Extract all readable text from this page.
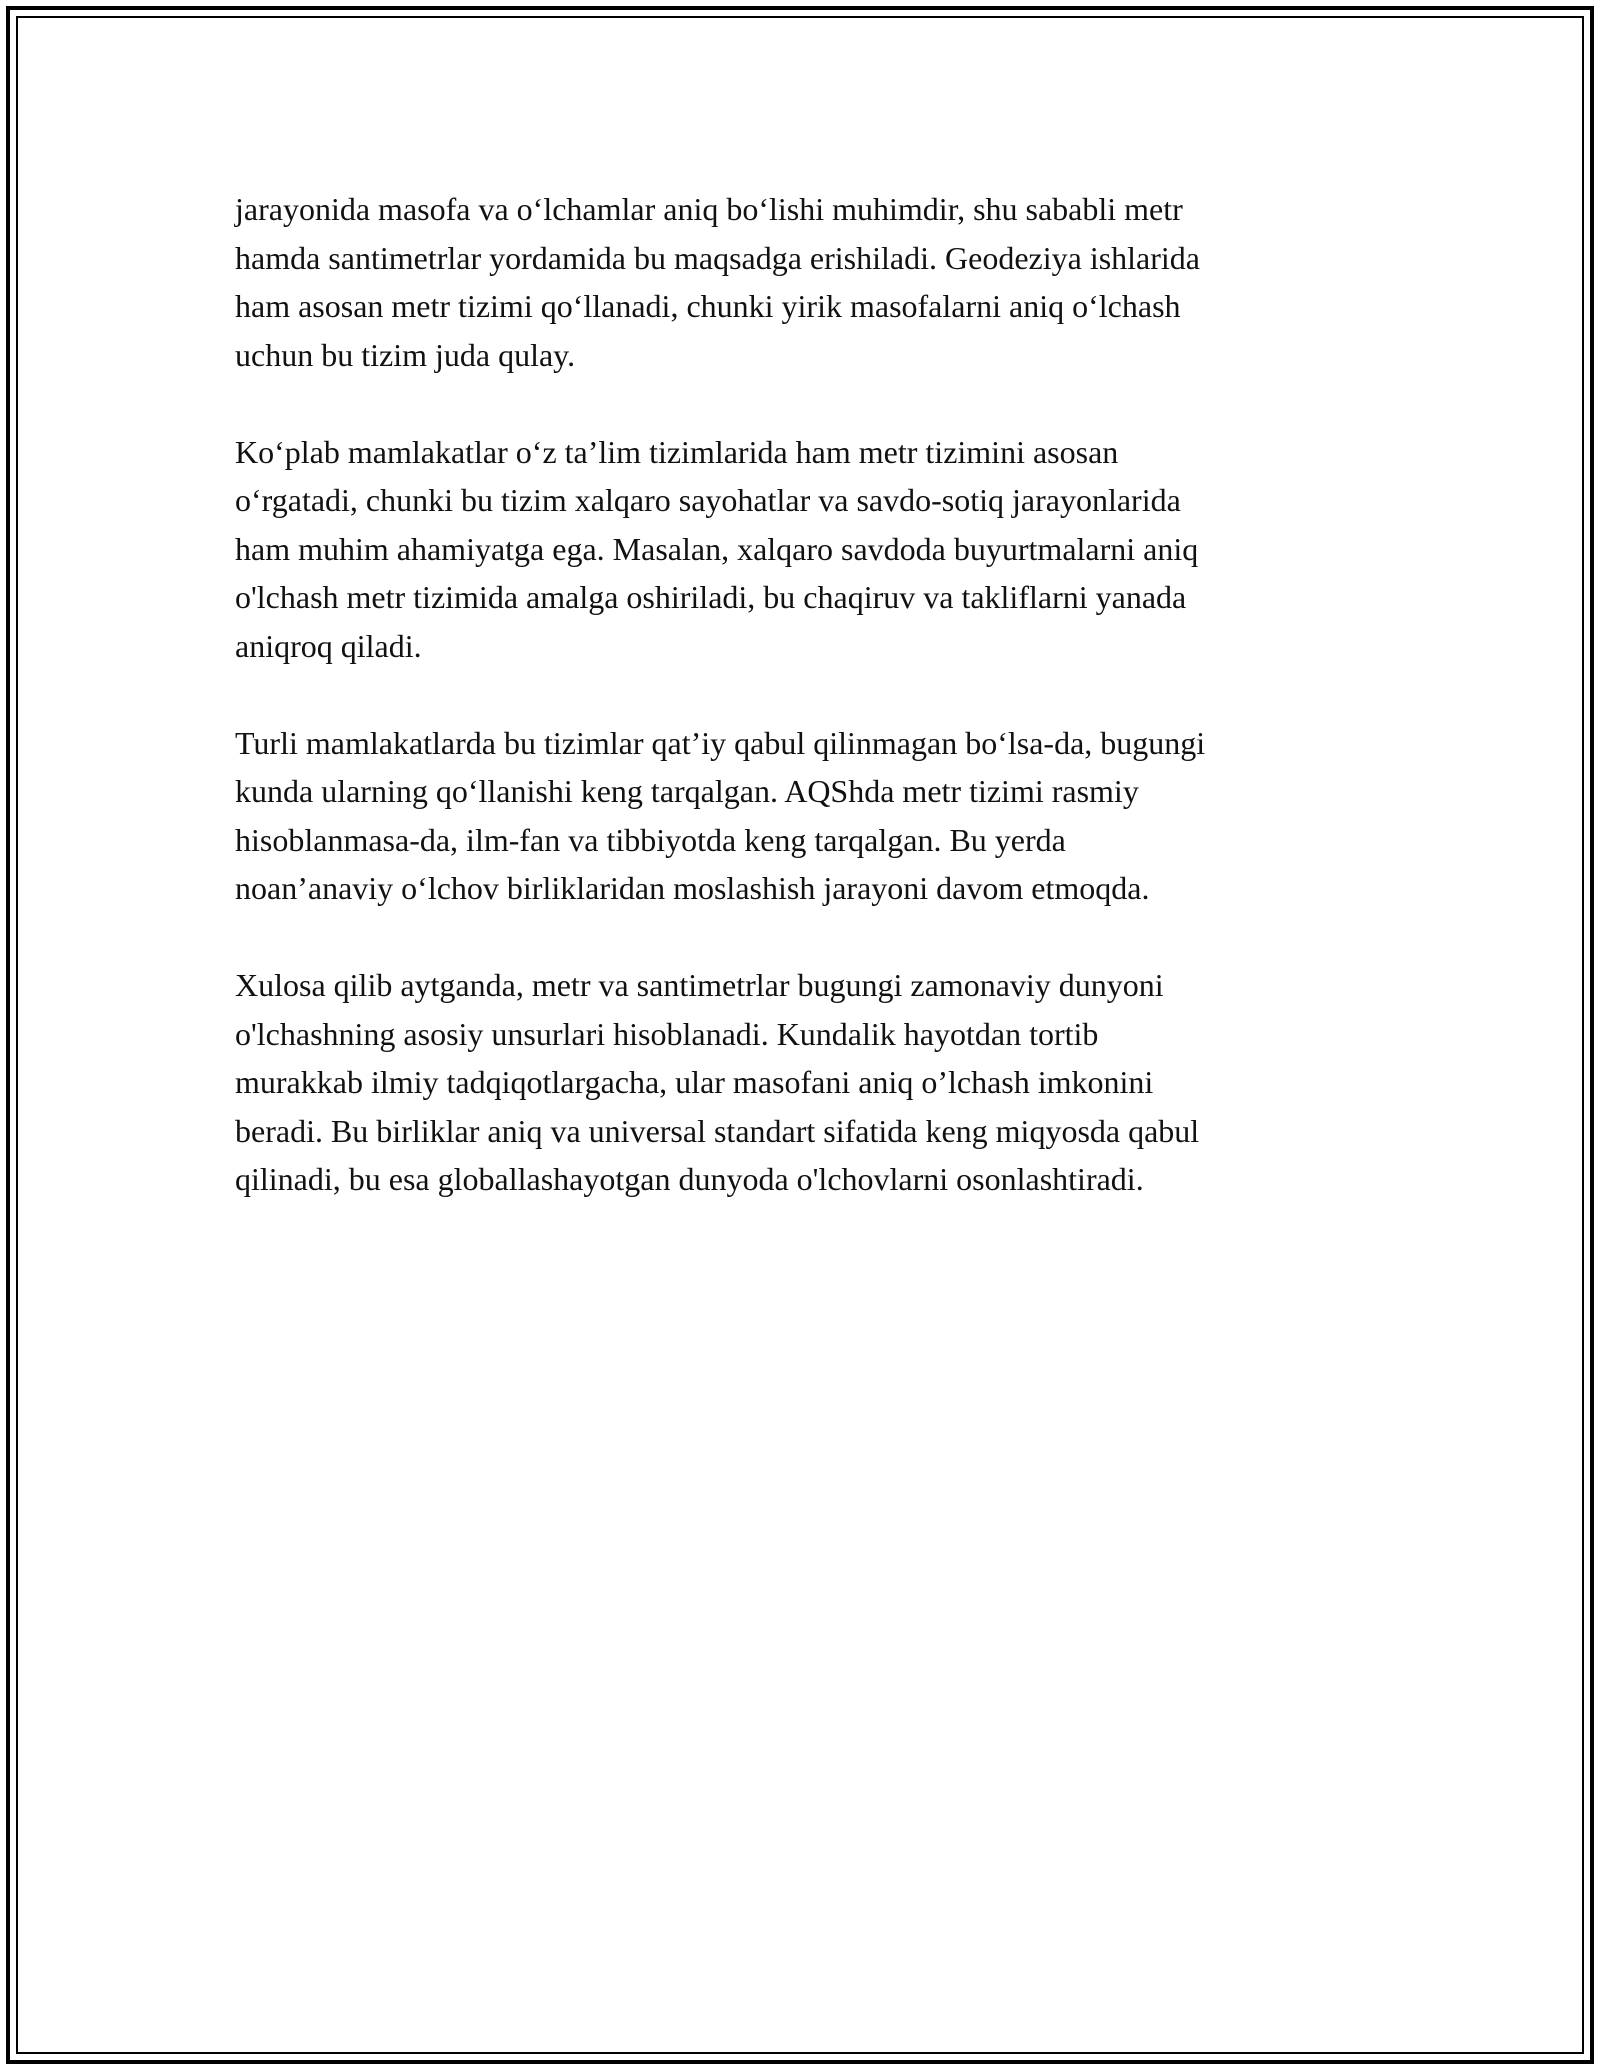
jarayonida masofa va o‘lchamlar aniq bo‘lishi muhimdir, shu sababli metr
hamda santimetrlar yordamida bu maqsadga erishiladi. Geodeziya ishlarida
ham asosan metr tizimi qo‘llanadi, chunki yirik masofalarni aniq o‘lchash
uchun bu tizim juda qulay.

Ko‘plab mamlakatlar o‘z ta’lim tizimlarida ham metr tizimini asosan
o‘rgatadi, chunki bu tizim xalqaro sayohatlar va savdo-sotiq jarayonlarida
ham muhim ahamiyatga ega. Masalan, xalqaro savdoda buyurtmalarni aniq
o'lchash metr tizimida amalga oshiriladi, bu chaqiruv va takliflarni yanada
aniqroq qiladi.

Turli mamlakatlarda bu tizimlar qat’iy qabul qilinmagan bo‘lsa-da, bugungi
kunda ularning qo‘llanishi keng tarqalgan. AQShda metr tizimi rasmiy
hisoblanmasa-da, ilm-fan va tibbiyotda keng tarqalgan. Bu yerda
noan’anaviy o‘lchov birliklaridan moslashish jarayoni davom etmoqda.

Xulosa qilib aytganda, metr va santimetrlar bugungi zamonaviy dunyoni
o'lchashning asosiy unsurlari hisoblanadi. Kundalik hayotdan tortib
murakkab ilmiy tadqiqotlargacha, ular masofani aniq o’lchash imkonini
beradi. Bu birliklar aniq va universal standart sifatida keng miqyosda qabul
qilinadi, bu esa globallashayotgan dunyoda o'lchovlarni osonlashtiradi.
